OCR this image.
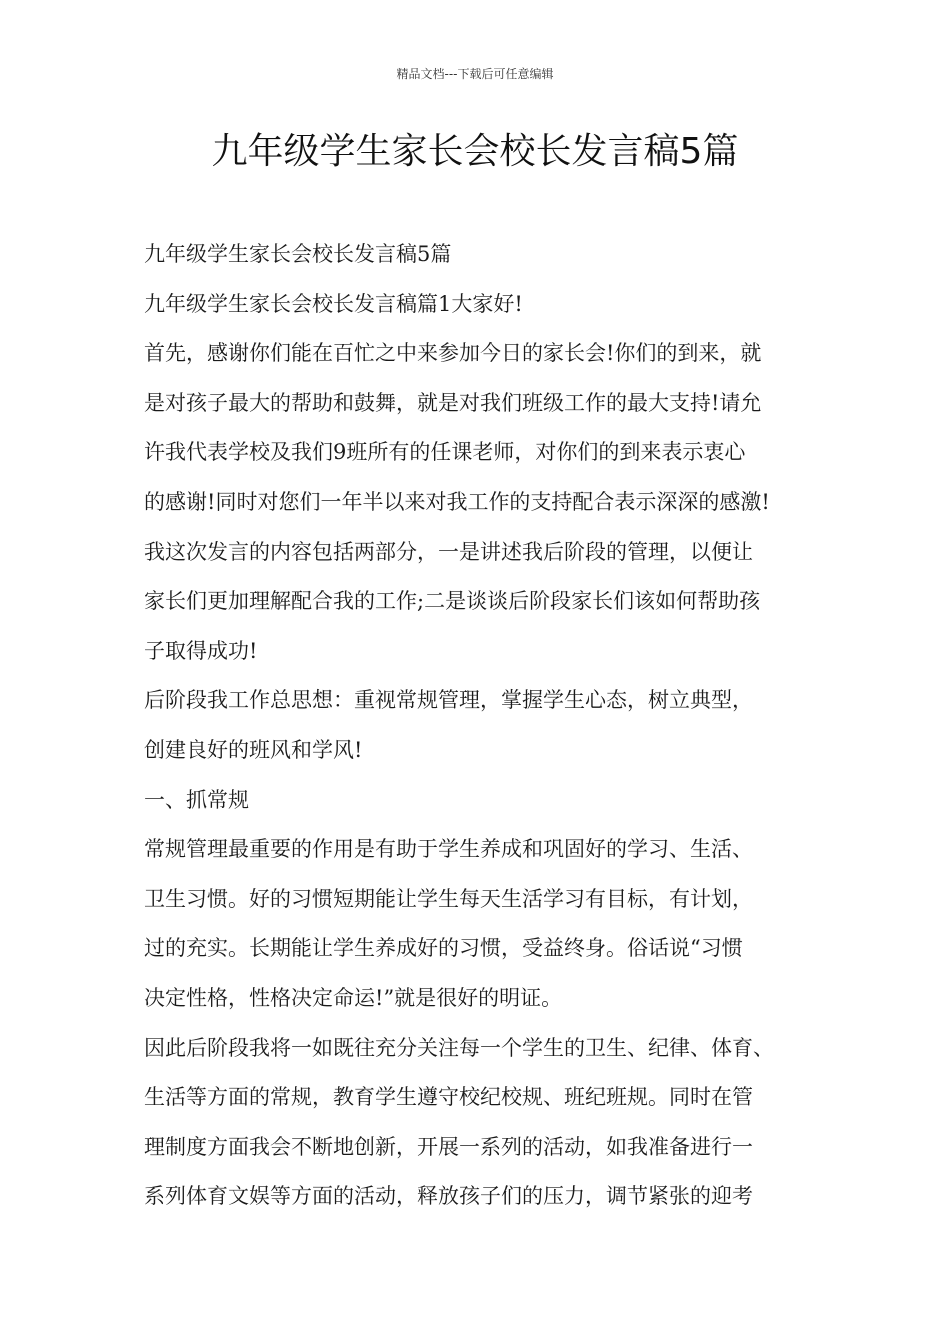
精品文档---下载后可任意编辑
九年级学生家长会校长发言稿5篇
九年级学生家长会校长发言稿5篇
九年级学生家长会校长发言稿篇1大家好!
首先，感谢你们能在百忙之中来参加今日的家长会!你们的到来，就
是对孩子最大的帮助和鼓舞，就是对我们班级工作的最大支持!请允
许我代表学校及我们9班所有的任课老师，对你们的到来表示衷心
的感谢!同时对您们一年半以来对我工作的支持配合表示深深的感激!
我这次发言的内容包括两部分，一是讲述我后阶段的管理，以便让
家长们更加理解配合我的工作;二是谈谈后阶段家长们该如何帮助孩
子取得成功!
后阶段我工作总思想：重视常规管理，掌握学生心态，树立典型，
创建良好的班风和学风!
一、抓常规
常规管理最重要的作用是有助于学生养成和巩固好的学习、生活、
卫生习惯。好的习惯短期能让学生每天生活学习有目标，有计划，
过的充实。长期能让学生养成好的习惯，受益终身。俗话说“习惯
决定性格，性格决定命运!”就是很好的明证。
因此后阶段我将一如既往充分关注每一个学生的卫生、纪律、体育、
生活等方面的常规，教育学生遵守校纪校规、班纪班规。同时在管
理制度方面我会不断地创新，开展一系列的活动，如我准备进行一
系列体育文娱等方面的活动，释放孩子们的压力，调节紧张的迎考
